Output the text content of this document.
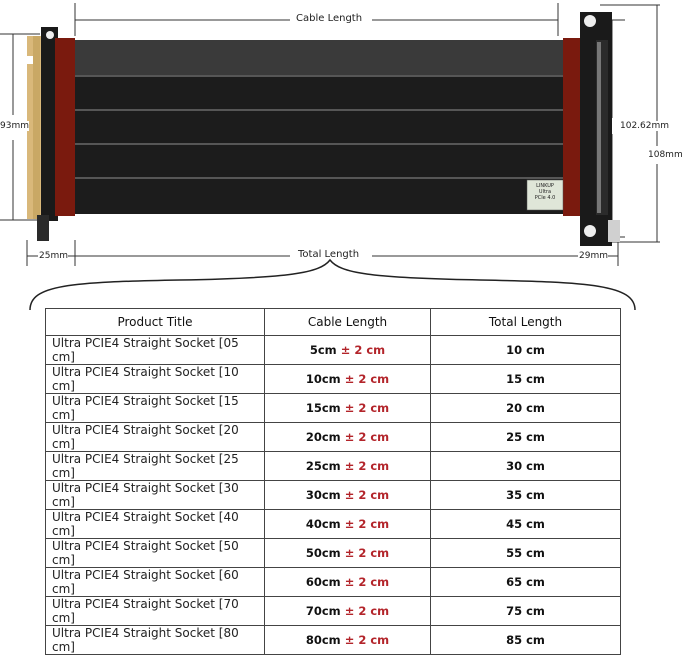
LINKUP
Ultra
PCIe 4.0
Cable Length
Total Length
93mm
25mm	29mm
102.62mm
108mm
Product Title	Cable Length	Total Length
Ultra PCIE4 Straight Socket [05 cm]	5cm ± 2 cm	10 cm
Ultra PCIE4 Straight Socket [10 cm]	10cm ± 2 cm	15 cm
Ultra PCIE4 Straight Socket [15 cm]	15cm ± 2 cm	20 cm
Ultra PCIE4 Straight Socket [20 cm]	20cm ± 2 cm	25 cm
Ultra PCIE4 Straight Socket [25 cm]	25cm ± 2 cm	30 cm
Ultra PCIE4 Straight Socket [30 cm]	30cm ± 2 cm	35 cm
Ultra PCIE4 Straight Socket [40 cm]	40cm ± 2 cm	45 cm
Ultra PCIE4 Straight Socket [50 cm]	50cm ± 2 cm	55 cm
Ultra PCIE4 Straight Socket [60 cm]	60cm ± 2 cm	65 cm
Ultra PCIE4 Straight Socket [70 cm]	70cm ± 2 cm	75 cm
Ultra PCIE4 Straight Socket [80 cm]	80cm ± 2 cm	85 cm
